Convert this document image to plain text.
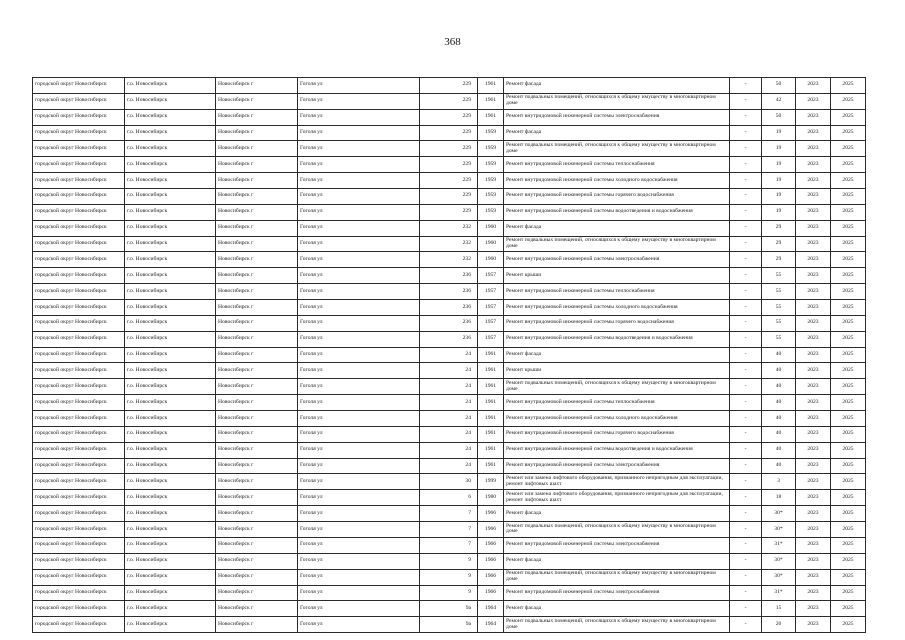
368
городской округ Новосибирск	г.о. Новосибирск	Новосибирск г	Гоголя ул	229	1961	Ремонт фасада	-	50	2023	2025
городской округ Новосибирск	г.о. Новосибирск	Новосибирск г	Гоголя ул	229	1961	Ремонт подвальных помещений, относящихся к общему имуществу в многоквартирном доме	-	42	2023	2025
городской округ Новосибирск	г.о. Новосибирск	Новосибирск г	Гоголя ул	229	1961	Ремонт внутридомовой инженерной системы электроснабжения	-	50	2023	2025
городской округ Новосибирск	г.о. Новосибирск	Новосибирск г	Гоголя ул	229	1959	Ремонт фасада	-	19	2023	2025
городской округ Новосибирск	г.о. Новосибирск	Новосибирск г	Гоголя ул	229	1959	Ремонт подвальных помещений, относящихся к общему имуществу в многоквартирном доме	-	19	2023	2025
городской округ Новосибирск	г.о. Новосибирск	Новосибирск г	Гоголя ул	229	1959	Ремонт внутридомовой инженерной системы теплоснабжения	-	19	2023	2025
городской округ Новосибирск	г.о. Новосибирск	Новосибирск г	Гоголя ул	229	1959	Ремонт внутридомовой инженерной системы холодного водоснабжения	-	19	2023	2025
городской округ Новосибирск	г.о. Новосибирск	Новосибирск г	Гоголя ул	229	1959	Ремонт внутридомовой инженерной системы горячего водоснабжения	-	19	2023	2025
городской округ Новосибирск	г.о. Новосибирск	Новосибирск г	Гоголя ул	229	1959	Ремонт внутридомовой инженерной системы водоотведения и водоснабжения	-	19	2023	2025
городской округ Новосибирск	г.о. Новосибирск	Новосибирск г	Гоголя ул	232	1960	Ремонт фасада	-	29	2023	2025
городской округ Новосибирск	г.о. Новосибирск	Новосибирск г	Гоголя ул	232	1960	Ремонт подвальных помещений, относящихся к общему имуществу в многоквартирном доме	-	29	2023	2025
городской округ Новосибирск	г.о. Новосибирск	Новосибирск г	Гоголя ул	232	1960	Ремонт внутридомовой инженерной системы электроснабжения	-	29	2023	2025
городской округ Новосибирск	г.о. Новосибирск	Новосибирск г	Гоголя ул	236	1957	Ремонт крыши	-	55	2023	2025
городской округ Новосибирск	г.о. Новосибирск	Новосибирск г	Гоголя ул	236	1957	Ремонт внутридомовой инженерной системы теплоснабжения	-	55	2023	2025
городской округ Новосибирск	г.о. Новосибирск	Новосибирск г	Гоголя ул	236	1957	Ремонт внутридомовой инженерной системы холодного водоснабжения	-	55	2023	2025
городской округ Новосибирск	г.о. Новосибирск	Новосибирск г	Гоголя ул	236	1957	Ремонт внутридомовой инженерной системы горячего водоснабжения	-	55	2023	2025
городской округ Новосибирск	г.о. Новосибирск	Новосибирск г	Гоголя ул	236	1957	Ремонт внутридомовой инженерной системы водоотведения и водоснабжения	-	55	2023	2025
городской округ Новосибирск	г.о. Новосибирск	Новосибирск г	Гоголя ул	24	1961	Ремонт фасада	-	40	2023	2025
городской округ Новосибирск	г.о. Новосибирск	Новосибирск г	Гоголя ул	24	1961	Ремонт крыши	-	40	2023	2025
городской округ Новосибирск	г.о. Новосибирск	Новосибирск г	Гоголя ул	24	1961	Ремонт подвальных помещений, относящихся к общему имуществу в многоквартирном доме	-	40	2023	2025
городской округ Новосибирск	г.о. Новосибирск	Новосибирск г	Гоголя ул	24	1961	Ремонт внутридомовой инженерной системы теплоснабжения	-	40	2023	2025
городской округ Новосибирск	г.о. Новосибирск	Новосибирск г	Гоголя ул	24	1961	Ремонт внутридомовой инженерной системы холодного водоснабжения	-	40	2023	2025
городской округ Новосибирск	г.о. Новосибирск	Новосибирск г	Гоголя ул	24	1961	Ремонт внутридомовой инженерной системы горячего водоснабжения	-	40	2023	2025
городской округ Новосибирск	г.о. Новосибирск	Новосибирск г	Гоголя ул	24	1961	Ремонт внутридомовой инженерной системы водоотведения и водоснабжения	-	40	2023	2025
городской округ Новосибирск	г.о. Новосибирск	Новосибирск г	Гоголя ул	24	1961	Ремонт внутридомовой инженерной системы электроснабжения	-	40	2023	2025
городской округ Новосибирск	г.о. Новосибирск	Новосибирск г	Гоголя ул	30	1999	Ремонт или замена лифтового оборудования, признанного непригодным для эксплуатации, ремонт лифтовых шахт	-	3	2023	2025
городской округ Новосибирск	г.о. Новосибирск	Новосибирск г	Гоголя ул	6	1980	Ремонт или замена лифтового оборудования, признанного непригодным для эксплуатации, ремонт лифтовых шахт	-	18	2023	2025
городской округ Новосибирск	г.о. Новосибирск	Новосибирск г	Гоголя ул	7	1966	Ремонт фасада	-	30*	2023	2025
городской округ Новосибирск	г.о. Новосибирск	Новосибирск г	Гоголя ул	7	1966	Ремонт подвальных помещений, относящихся к общему имуществу в многоквартирном доме	-	30*	2023	2025
городской округ Новосибирск	г.о. Новосибирск	Новосибирск г	Гоголя ул	7	1966	Ремонт внутридомовой инженерной системы электроснабжения	-	31*	2023	2025
городской округ Новосибирск	г.о. Новосибирск	Новосибирск г	Гоголя ул	9	1966	Ремонт фасада	-	30*	2023	2025
городской округ Новосибирск	г.о. Новосибирск	Новосибирск г	Гоголя ул	9	1966	Ремонт подвальных помещений, относящихся к общему имуществу в многоквартирном доме	-	30*	2023	2025
городской округ Новосибирск	г.о. Новосибирск	Новосибирск г	Гоголя ул	9	1966	Ремонт внутридомовой инженерной системы электроснабжения	-	31*	2023	2025
городской округ Новосибирск	г.о. Новосибирск	Новосибирск г	Гоголя ул	9а	1964	Ремонт фасада	-	15	2023	2025
городской округ Новосибирск	г.о. Новосибирск	Новосибирск г	Гоголя ул	9а	1964	Ремонт подвальных помещений, относящихся к общему имуществу в многоквартирном доме	-	20	2023	2025
